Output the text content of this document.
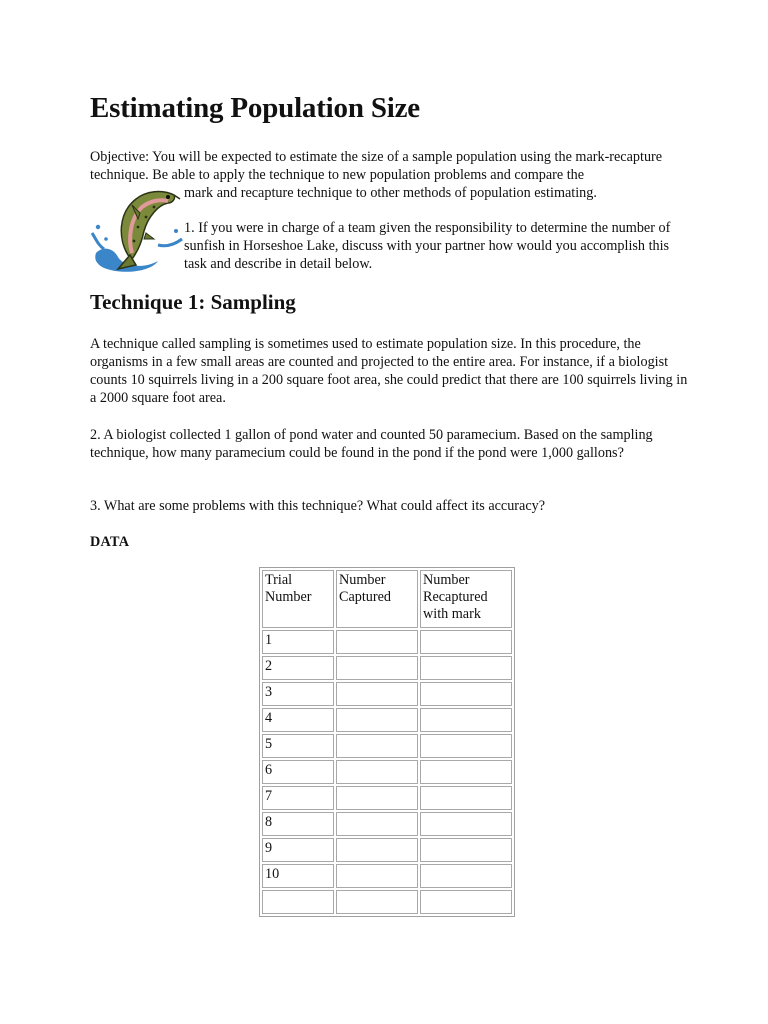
Estimating Population Size

Objective: You will be expected to estimate the size of a sample population using the mark-recapture technique. Be able to apply the technique to new population problems and compare the
mark and recapture technique to other methods of population estimating.

1. If you were in charge of a team given the responsibility to determine the number of sunfish in Horseshoe Lake, discuss with your partner how would you accomplish this task and describe in detail below.

Technique 1: Sampling

A technique called sampling is sometimes used to estimate population size. In this procedure, the organisms in a few small areas are counted and projected to the entire area. For instance, if a biologist counts 10 squirrels living in a 200 square foot area, she could predict that there are 100 squirrels living in a 2000 square foot area.

2. A biologist collected 1 gallon of pond water and counted 50 paramecium. Based on the sampling technique, how many paramecium could be found in the pond if the pond were 1,000 gallons?

3. What are some problems with this technique? What could affect its accuracy?

DATA

Trial Number	Number Captured	Number Recaptured with mark
1		
2		
3		
4		
5		
6		
7		
8		
9		
10		
